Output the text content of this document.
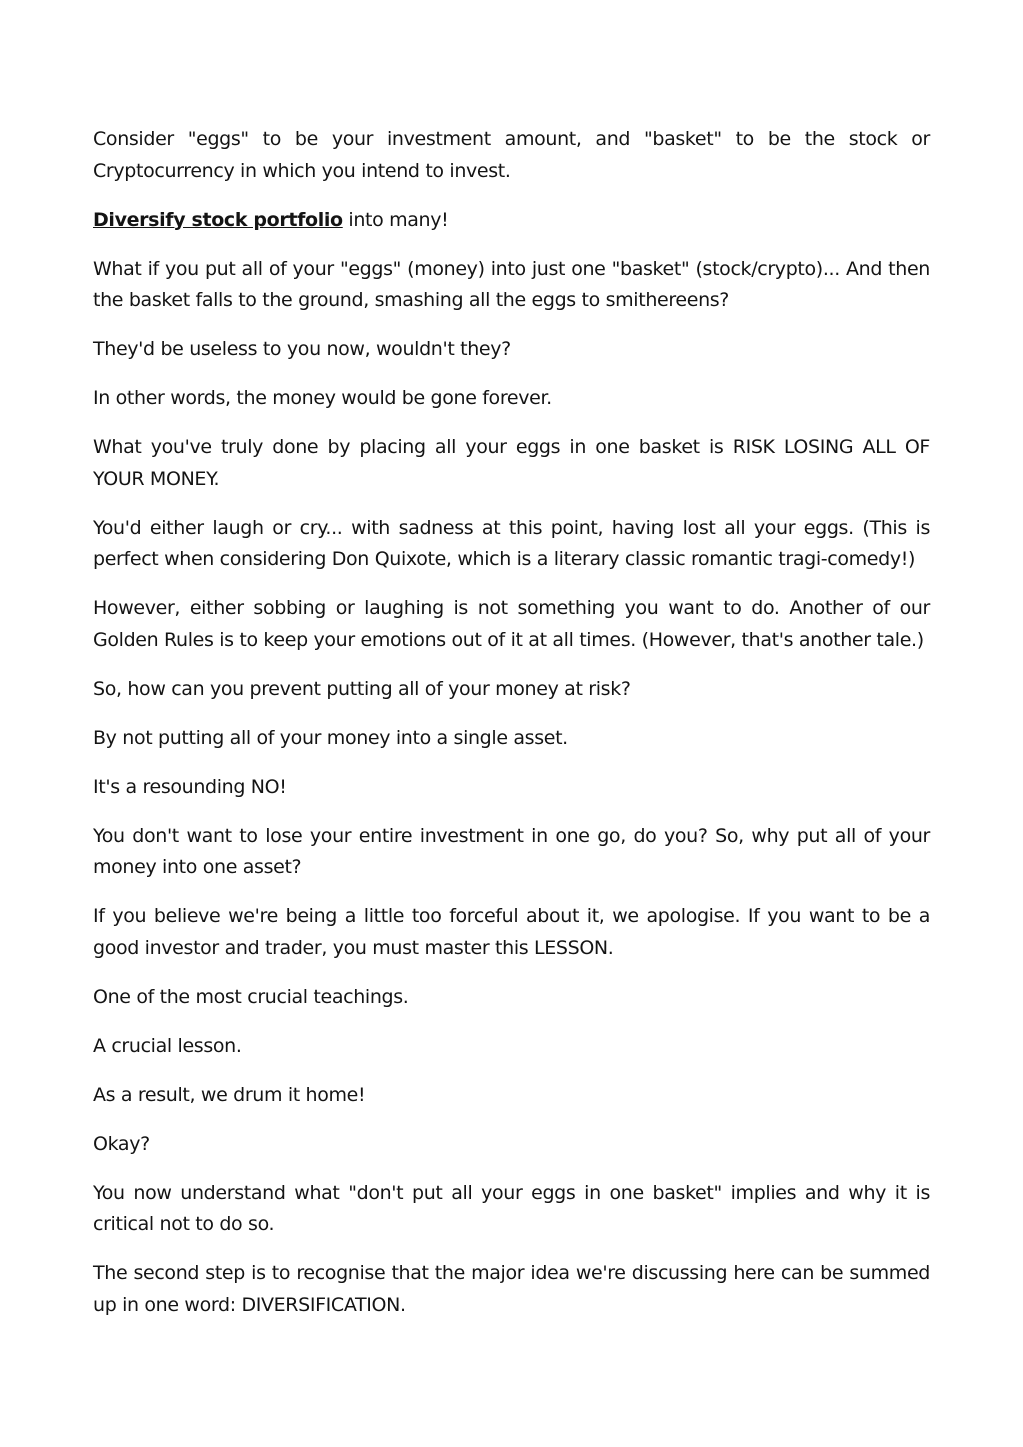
Consider "eggs" to be your investment amount, and "basket" to be the stock or Cryptocurrency in which you intend to invest.

Diversify stock portfolio into many!

What if you put all of your "eggs" (money) into just one "basket" (stock/crypto)... And then the basket falls to the ground, smashing all the eggs to smithereens?

They'd be useless to you now, wouldn't they?

In other words, the money would be gone forever.

What you've truly done by placing all your eggs in one basket is RISK LOSING ALL OF YOUR MONEY.

You'd either laugh or cry... with sadness at this point, having lost all your eggs. (This is perfect when considering Don Quixote, which is a literary classic romantic tragi-comedy!)

However, either sobbing or laughing is not something you want to do. Another of our Golden Rules is to keep your emotions out of it at all times. (However, that's another tale.)

So, how can you prevent putting all of your money at risk?

By not putting all of your money into a single asset.

It's a resounding NO!

You don't want to lose your entire investment in one go, do you? So, why put all of your money into one asset?

If you believe we're being a little too forceful about it, we apologise. If you want to be a good investor and trader, you must master this LESSON.

One of the most crucial teachings.

A crucial lesson.

As a result, we drum it home!

Okay?

You now understand what "don't put all your eggs in one basket" implies and why it is critical not to do so.

The second step is to recognise that the major idea we're discussing here can be summed up in one word: DIVERSIFICATION.
